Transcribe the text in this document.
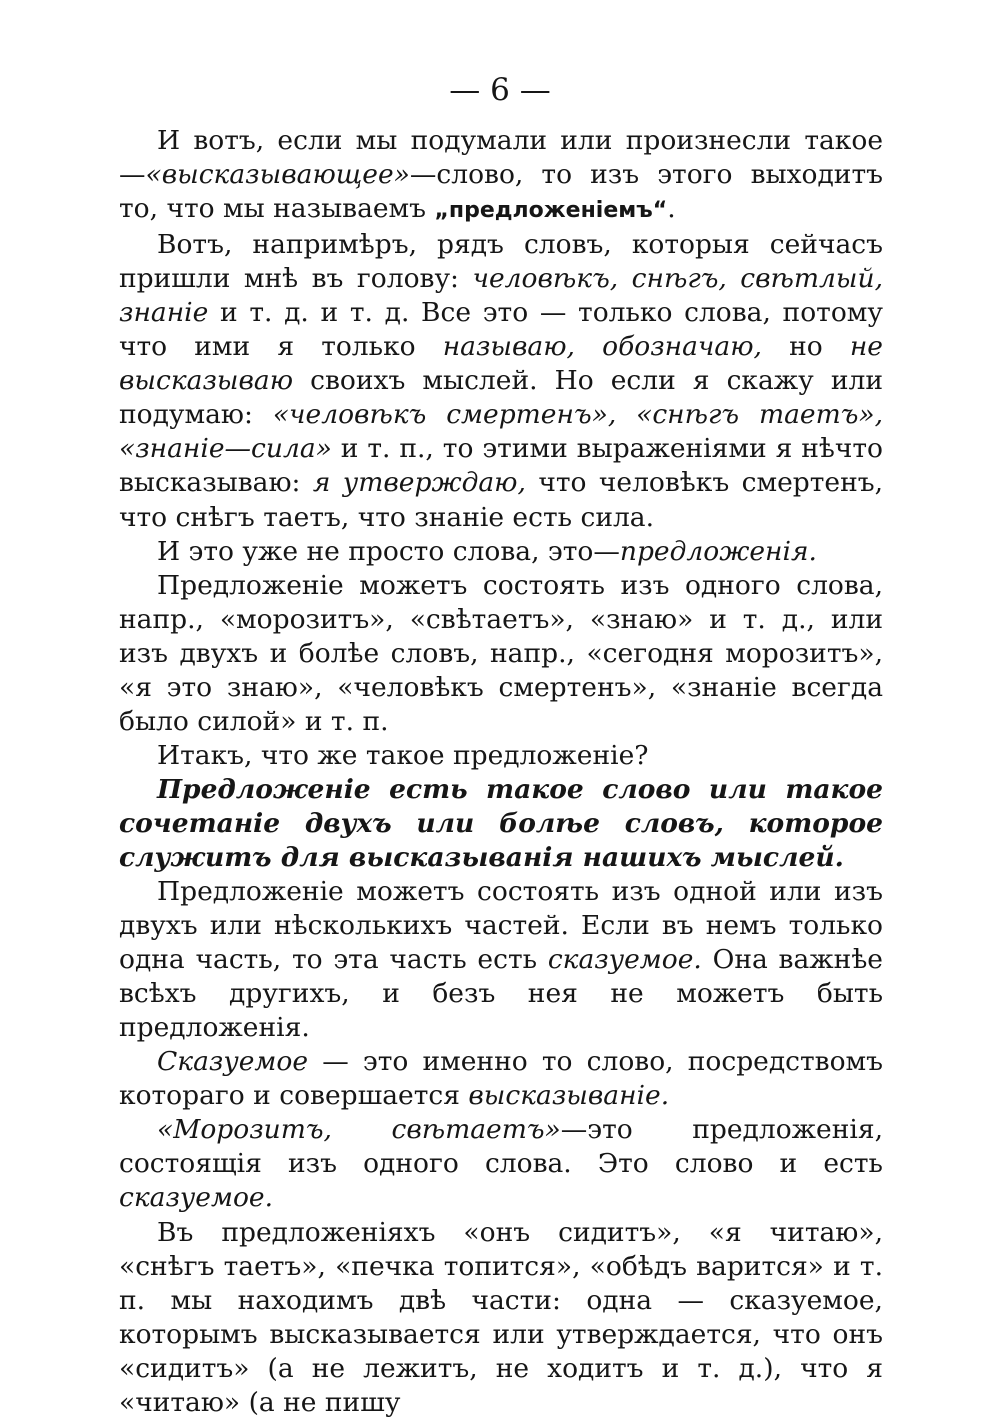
— 6 —

И вотъ, если мы подумали или произнесли такое—«высказывающее»—слово, то изъ этого выходитъ то, что мы называемъ „предложеніемъ“.

Вотъ, напримѣръ, рядъ словъ, которыя сейчасъ пришли мнѣ въ голову: человѣкъ, снѣгъ, свѣтлый, знаніе и т. д. и т. д. Все это — только слова, потому что ими я только называю, обозначаю, но не высказываю своихъ мыслей. Но если я скажу или подумаю: «человѣкъ смертенъ», «снѣгъ таетъ», «знаніе—сила» и т. п., то этими выраженіями я нѣчто высказываю: я утверждаю, что человѣкъ смертенъ, что снѣгъ таетъ, что знаніе есть сила.

И это уже не просто слова, это—предложенія.

Предложеніе можетъ состоять изъ одного слова, напр., «морозитъ», «свѣтаетъ», «знаю» и т. д., или изъ двухъ и болѣе словъ, напр., «сегодня морозитъ», «я это знаю», «человѣкъ смертенъ», «знаніе всегда было силой» и т. п.

Итакъ, что же такое предложеніе?

Предложеніе есть такое слово или такое сочетаніе двухъ или болѣе словъ, которое служитъ для высказыванія нашихъ мыслей.

Предложеніе можетъ состоять изъ одной или изъ двухъ или нѣсколькихъ частей. Если въ немъ только одна часть, то эта часть есть сказуемое. Она важнѣе всѣхъ другихъ, и безъ нея не можетъ быть предложенія.

Сказуемое — это именно то слово, посредствомъ котораго и совершается высказываніе.

«Морозитъ, свѣтаетъ»—это предложенія, состоящія изъ одного слова. Это слово и есть сказуемое.

Въ предложеніяхъ «онъ сидитъ», «я читаю», «снѣгъ таетъ», «печка топится», «обѣдъ варится» и т. п. мы находимъ двѣ части: одна — сказуемое, которымъ высказывается или утверждается, что онъ «сидитъ» (а не лежитъ, не ходитъ и т. д.), что я «читаю» (а не пишу
